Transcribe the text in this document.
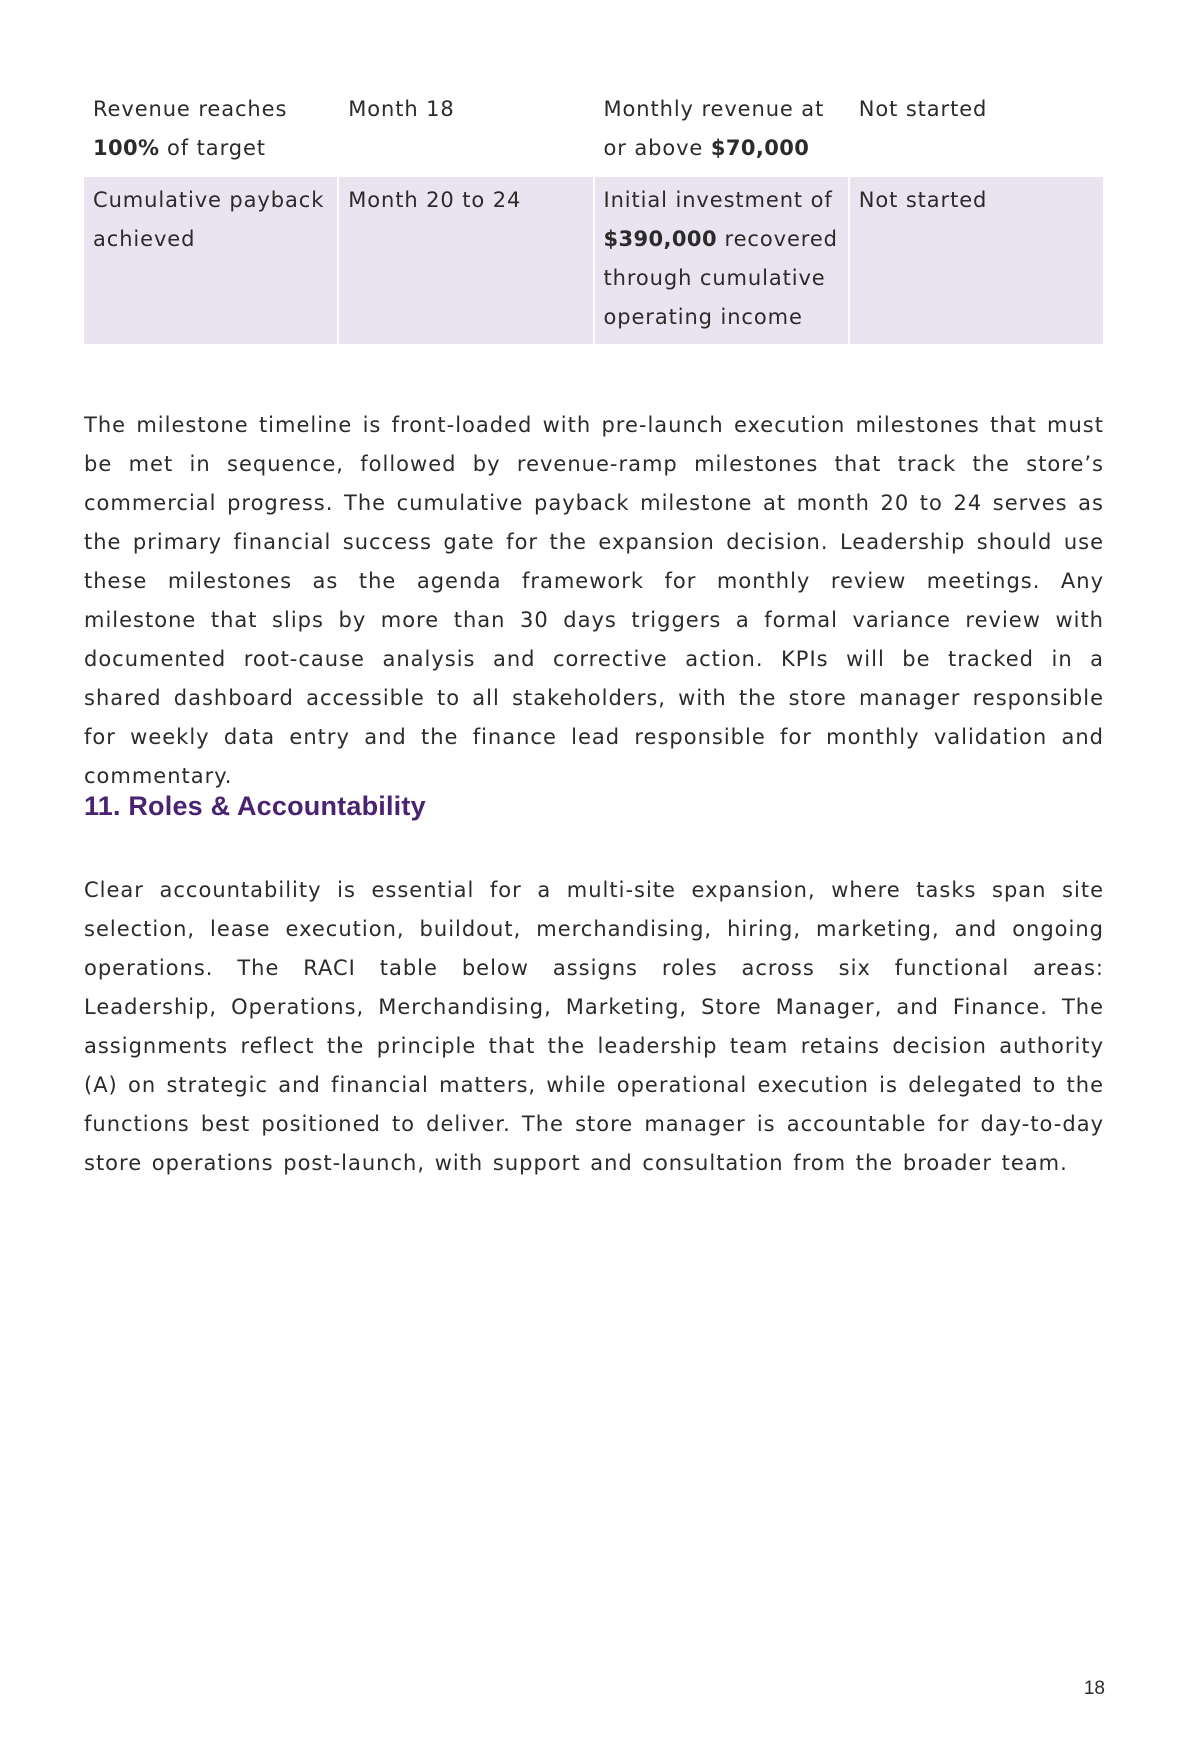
Revenue reaches 100% of target	Month 18	Monthly revenue at or above $70,000	Not started
Cumulative payback achieved	Month 20 to 24	Initial investment of $390,000 recovered through cumulative operating income	Not started

The milestone timeline is front-loaded with pre-launch execution milestones that must be met in sequence, followed by revenue-ramp milestones that track the store’s commercial progress. The cumulative payback milestone at month 20 to 24 serves as the primary financial success gate for the expansion decision. Leadership should use these milestones as the agenda framework for monthly review meetings. Any milestone that slips by more than 30 days triggers a formal variance review with documented root-cause analysis and corrective action. KPIs will be tracked in a shared dashboard accessible to all stakeholders, with the store manager responsible for weekly data entry and the finance lead responsible for monthly validation and commentary.

11. Roles & Accountability

Clear accountability is essential for a multi-site expansion, where tasks span site selection, lease execution, buildout, merchandising, hiring, marketing, and ongoing operations. The RACI table below assigns roles across six functional areas: Leadership, Operations, Merchandising, Marketing, Store Manager, and Finance. The assignments reflect the principle that the leadership team retains decision authority (A) on strategic and financial matters, while operational execution is delegated to the functions best positioned to deliver. The store manager is accountable for day-to-day store operations post-launch, with support and consultation from the broader team.

18
